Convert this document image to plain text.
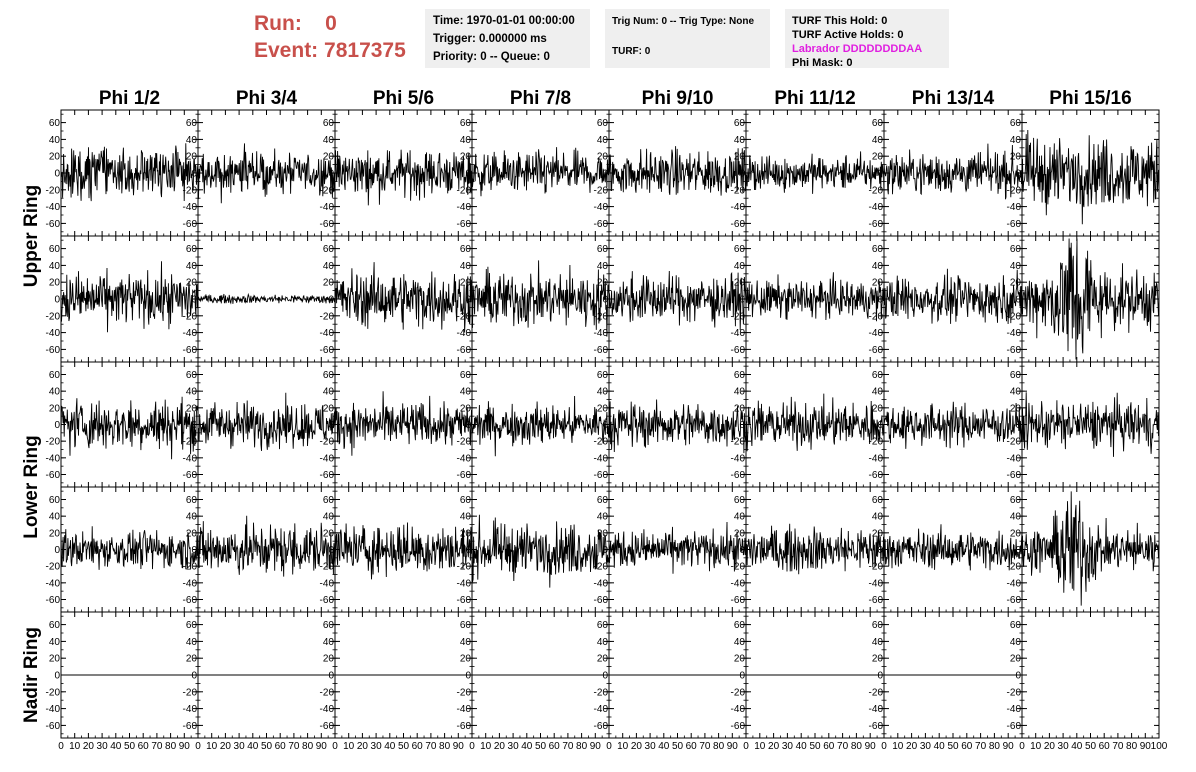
Run: 0
Event: 7817375
Time: 1970-01-01 00:00:00
Trigger: 0.000000 ms
Priority: 0 -- Queue: 0
Trig Num: 0 -- Trig Type: None
TURF: 0
TURF This Hold: 0
TURF Active Holds: 0
Labrador DDDDDDDDAA
Phi Mask: 0
Phi 1/2	Phi 3/4	Phi 5/6	Phi 7/8	Phi 9/10	Phi 11/12	Phi 13/14	Phi 15/16
Upper Ring
Lower Ring
Nadir Ring
-60
-40
-20
0
20
40
60
-60
-40
-20
0
20
40
60
-60
-40
-20
0
20
40
60
-60
-40
-20
0
20
40
60
-60
-40
-20
0
20
40
60
-60
-40
-20
0
20
40
60
-60
-40
-20
0
20
40
60
-60
-40
-20
0
20
40
60
-60
-40
-20
0
20
40
60
-60
-40
-20
0
20
40
60
-60
-40
-20
0
20
40
60
-60
-40
-20
0
20
40
60
-60
-40
-20
0
20
40
60
-60
-40
-20
0
20
40
60
-60
-40
-20
0
20
40
60
-60
-40
-20
0
20
40
60
-60
-40
-20
0
20
40
60
-60
-40
-20
0
20
40
60
-60
-40
-20
0
20
40
60
-60
-40
-20
0
20
40
60
-60
-40
-20
0
20
40
60
-60
-40
-20
0
20
40
60
-60
-40
-20
0
20
40
60
-60
-40
-20
0
20
40
60
-60
-40
-20
0
20
40
60
-60
-40
-20
0
20
40
60
-60
-40
-20
0
20
40
60
-60
-40
-20
0
20
40
60
-60
-40
-20
0
20
40
60
-60
-40
-20
0
20
40
60
-60
-40
-20
0
20
40
60
-60
-40
-20
0
20
40
60
-60
-40
-20
0
20
40
60
0 10 20 30 40 50 60 70 80 90
-60
-40
-20
0
20
40
60
0 10 20 30 40 50 60 70 80 90
-60
-40
-20
0
20
40
60
0 10 20 30 40 50 60 70 80 90
-60
-40
-20
0
20
40
60
0 10 20 30 40 50 60 70 80 90
-60
-40
-20
0
20
40
60
0 10 20 30 40 50 60 70 80 90
-60
-40
-20
0
20
40
60
0 10 20 30 40 50 60 70 80 90
-60
-40
-20
0
20
40
60
0 10 20 30 40 50 60 70 80 90
-60
-40
-20
0
20
40
60
0 10 20 30 40 50 60 70 80 90 100
